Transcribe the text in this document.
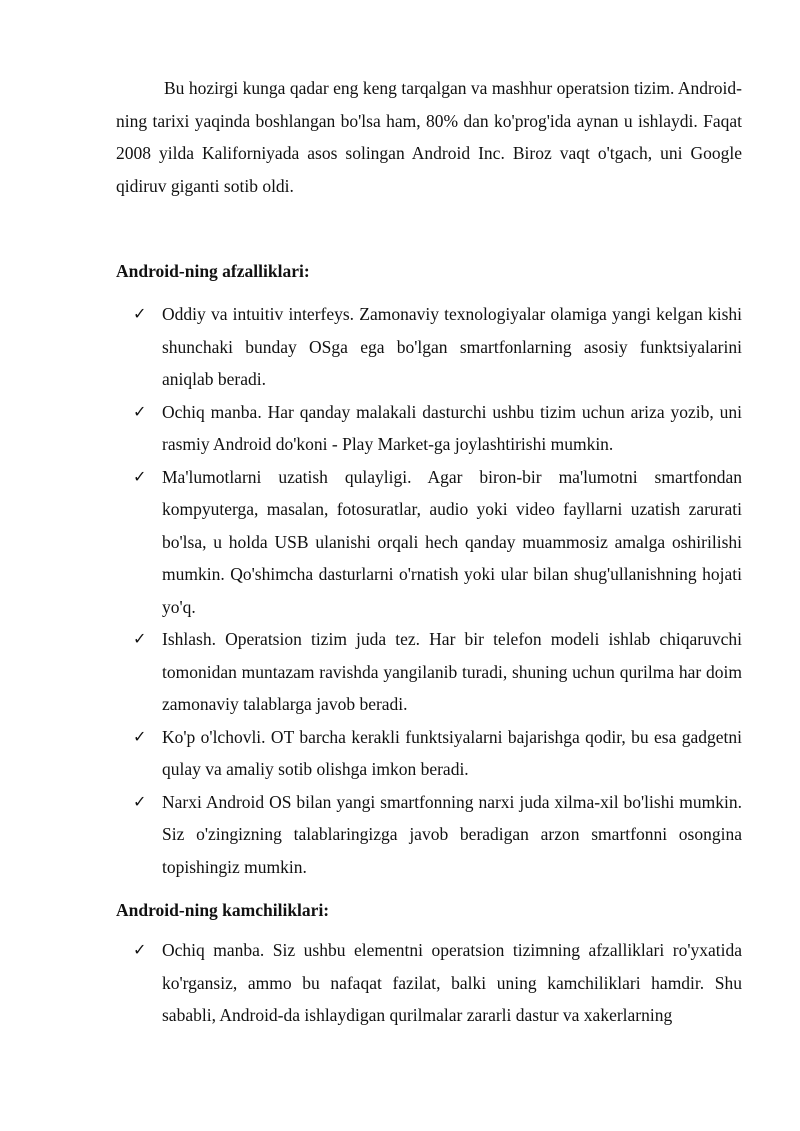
Bu hozirgi kunga qadar eng keng tarqalgan va mashhur operatsion tizim. Android-ning tarixi yaqinda boshlangan bo'lsa ham, 80% dan ko'prog'ida aynan u ishlaydi. Faqat 2008 yilda Kaliforniyada asos solingan Android Inc. Biroz vaqt o'tgach, uni Google qidiruv giganti sotib oldi.

Android-ning afzalliklari:
✓ Oddiy va intuitiv interfeys. Zamonaviy texnologiyalar olamiga yangi kelgan kishi shunchaki bunday OSga ega bo'lgan smartfonlarning asosiy funktsiyalarini aniqlab beradi.
✓ Ochiq manba. Har qanday malakali dasturchi ushbu tizim uchun ariza yozib, uni rasmiy Android do'koni - Play Market-ga joylashtirishi mumkin.
✓ Ma'lumotlarni uzatish qulayligi. Agar biron-bir ma'lumotni smartfondan kompyuterga, masalan, fotosuratlar, audio yoki video fayllarni uzatish zarurati bo'lsa, u holda USB ulanishi orqali hech qanday muammosiz amalga oshirilishi mumkin. Qo'shimcha dasturlarni o'rnatish yoki ular bilan shug'ullanishning hojati yo'q.
✓ Ishlash. Operatsion tizim juda tez. Har bir telefon modeli ishlab chiqaruvchi tomonidan muntazam ravishda yangilanib turadi, shuning uchun qurilma har doim zamonaviy talablarga javob beradi.
✓ Ko'p o'lchovli. OT barcha kerakli funktsiyalarni bajarishga qodir, bu esa gadgetni qulay va amaliy sotib olishga imkon beradi.
✓ Narxi Android OS bilan yangi smartfonning narxi juda xilma-xil bo'lishi mumkin. Siz o'zingizning talablaringizga javob beradigan arzon smartfonni osongina topishingiz mumkin.
Android-ning kamchiliklari:
✓ Ochiq manba. Siz ushbu elementni operatsion tizimning afzalliklari ro'yxatida ko'rgansiz, ammo bu nafaqat fazilat, balki uning kamchiliklari hamdir. Shu sababli, Android-da ishlaydigan qurilmalar zararli dastur va xakerlarning
